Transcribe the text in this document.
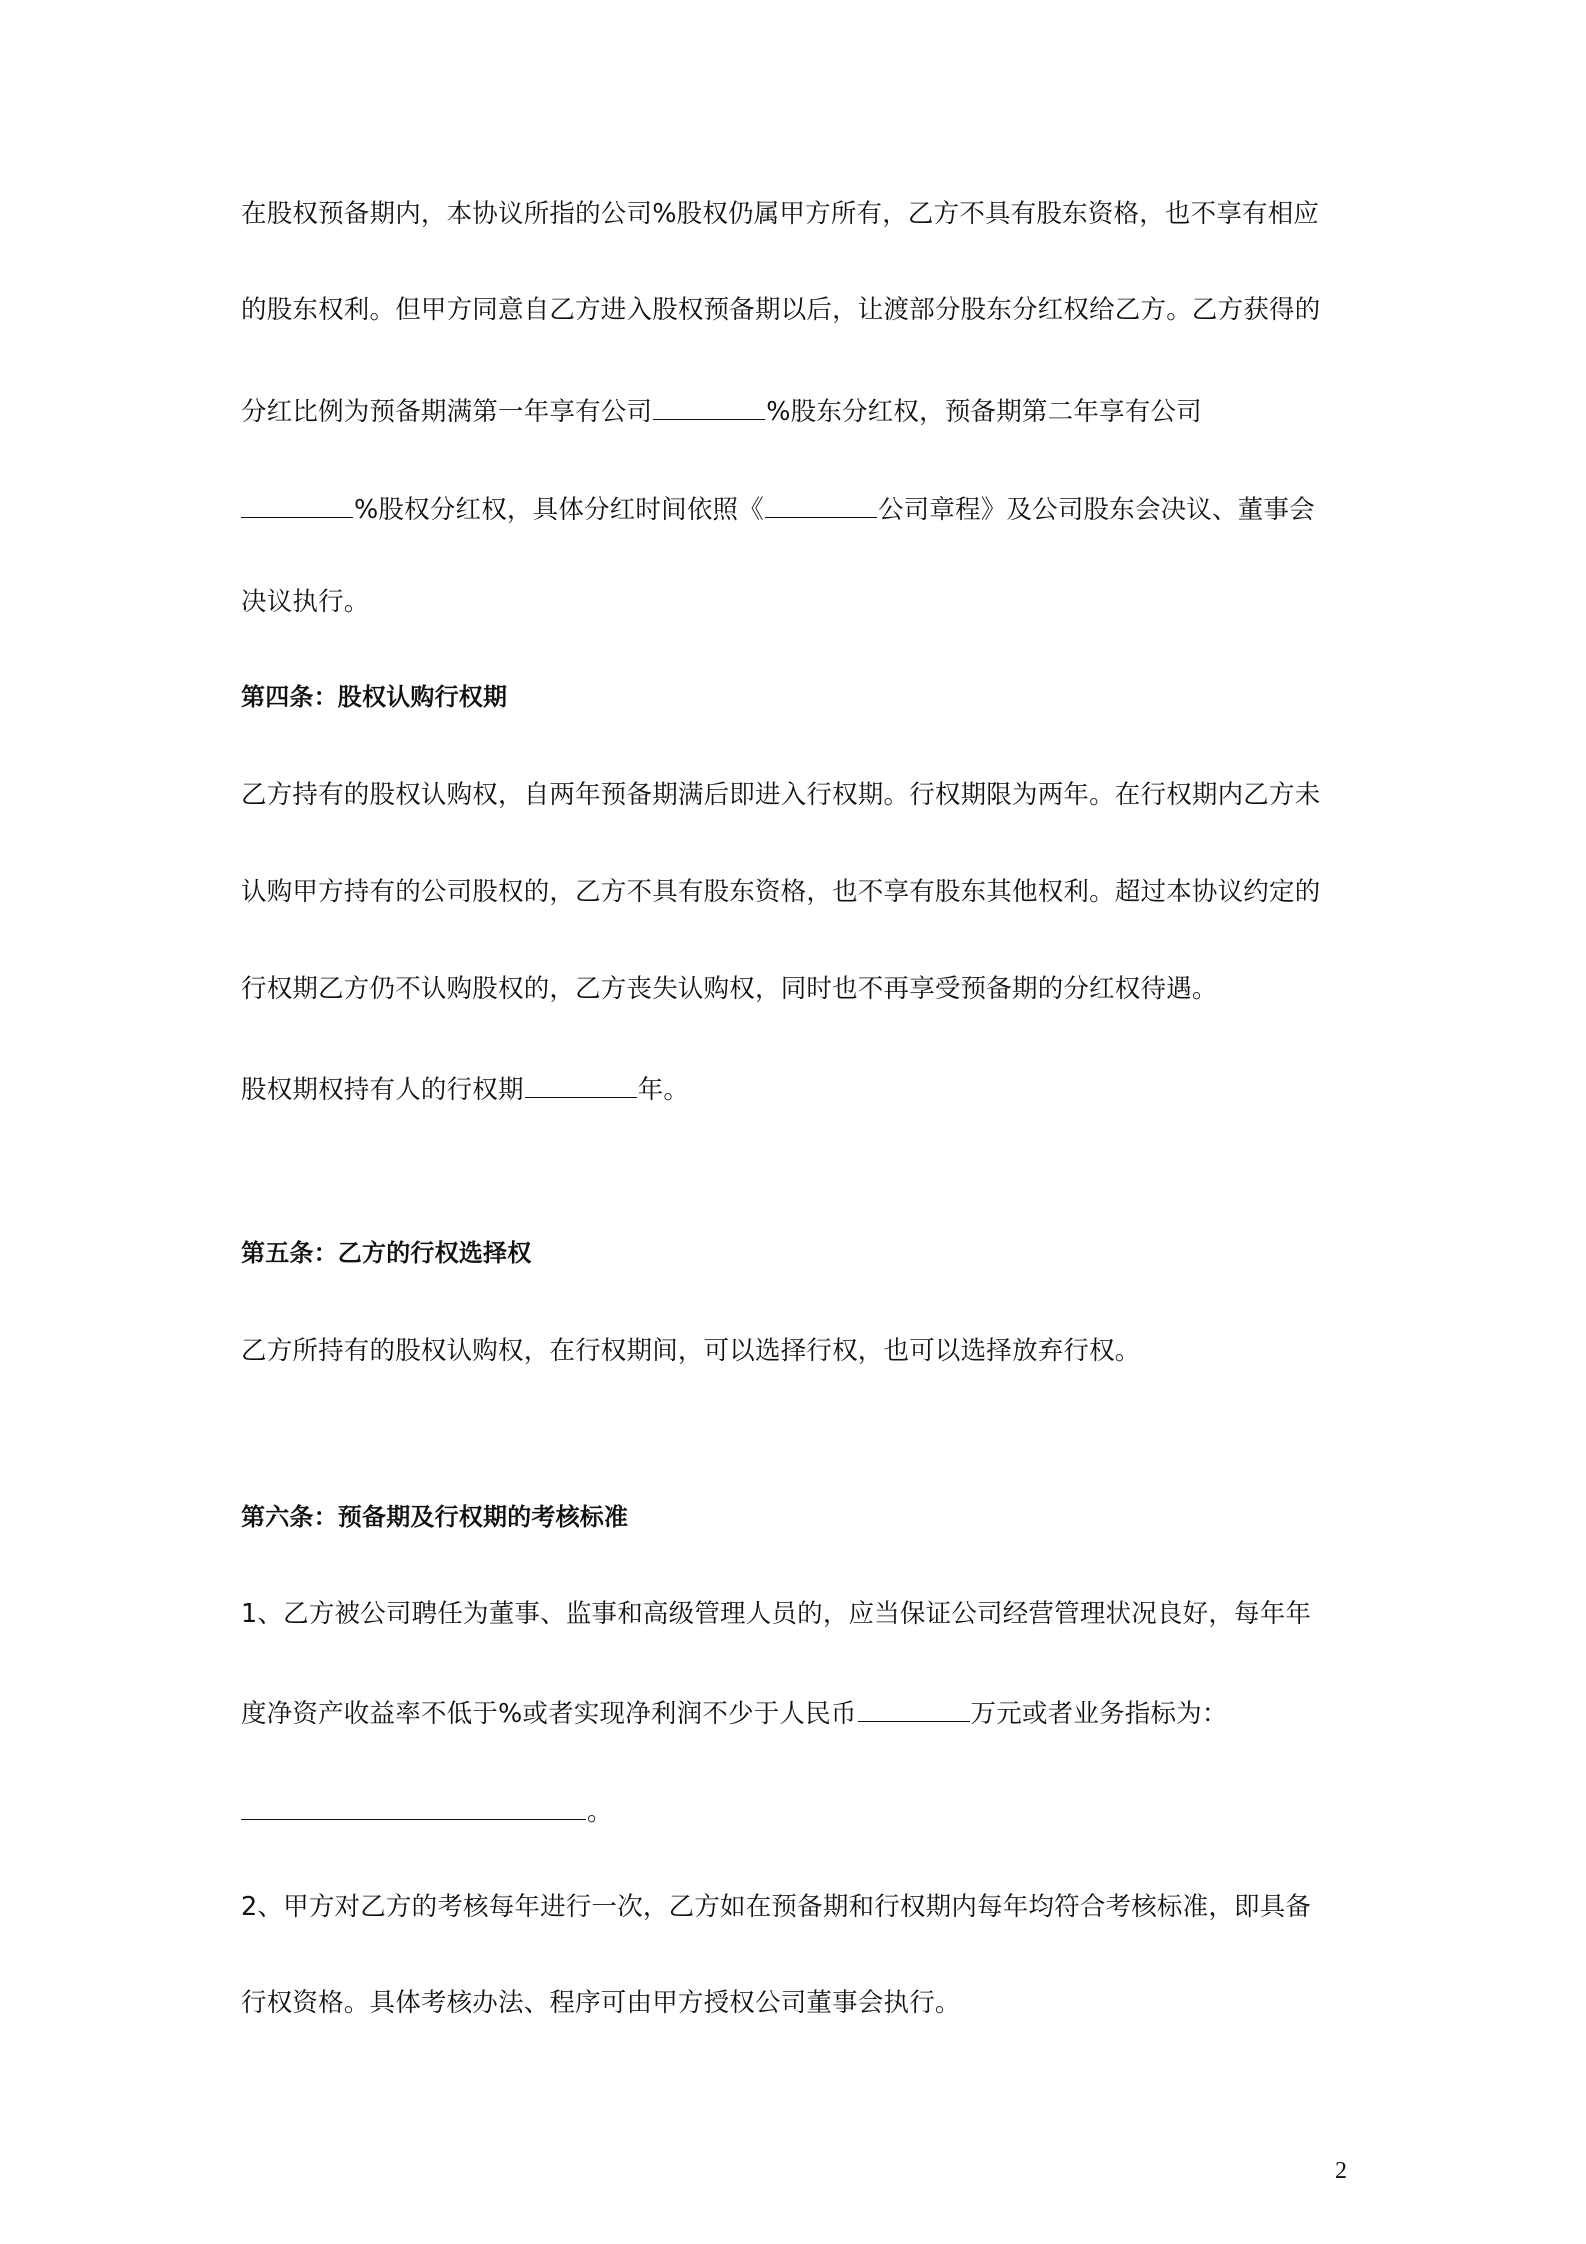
在股权预备期内，本协议所指的公司%股权仍属甲方所有，乙方不具有股东资格，也不享有相应
的股东权利。但甲方同意自乙方进入股权预备期以后，让渡部分股东分红权给乙方。乙方获得的
分红比例为预备期满第一年享有公司	%股东分红权，预备期第二年享有公司
%股权分红权，具体分红时间依照《	公司章程》及公司股东会决议、董事会
决议执行。
第四条：股权认购行权期
乙方持有的股权认购权，自两年预备期满后即进入行权期。行权期限为两年。在行权期内乙方未
认购甲方持有的公司股权的，乙方不具有股东资格，也不享有股东其他权利。超过本协议约定的
行权期乙方仍不认购股权的，乙方丧失认购权，同时也不再享受预备期的分红权待遇。
股权期权持有人的行权期	年。
第五条：乙方的行权选择权
乙方所持有的股权认购权，在行权期间，可以选择行权，也可以选择放弃行权。
第六条：预备期及行权期的考核标准
1、乙方被公司聘任为董事、监事和高级管理人员的，应当保证公司经营管理状况良好，每年年
度净资产收益率不低于%或者实现净利润不少于人民币	万元或者业务指标为：
。
2、甲方对乙方的考核每年进行一次，乙方如在预备期和行权期内每年均符合考核标准，即具备
行权资格。具体考核办法、程序可由甲方授权公司董事会执行。
2
